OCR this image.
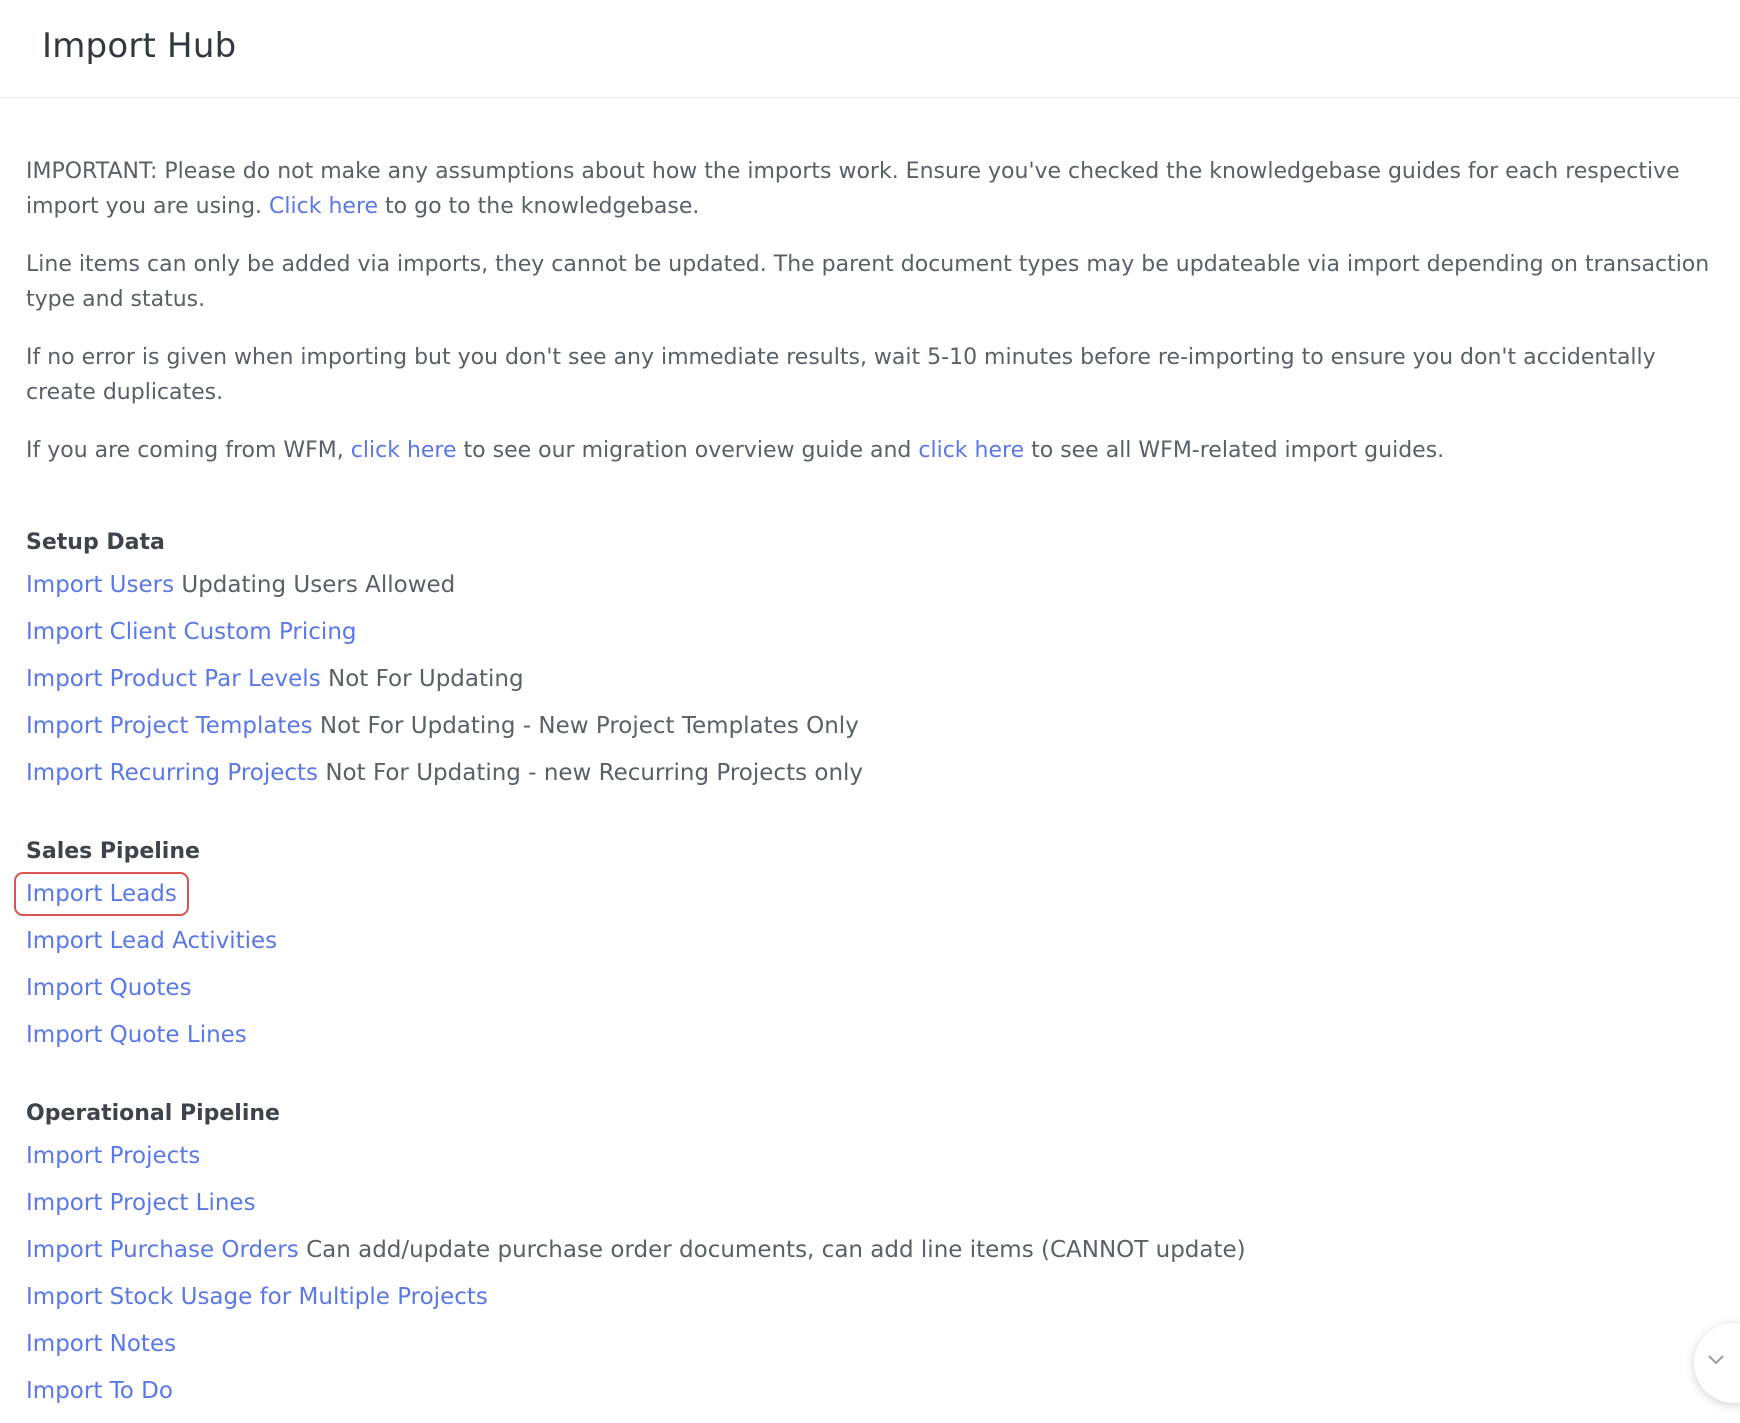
Import Hub

IMPORTANT: Please do not make any assumptions about how the imports work. Ensure you've checked the knowledgebase guides for each respective import you are using. Click here to go to the knowledgebase.

Line items can only be added via imports, they cannot be updated. The parent document types may be updateable via import depending on transaction type and status.

If no error is given when importing but you don't see any immediate results, wait 5-10 minutes before re-importing to ensure you don't accidentally create duplicates.

If you are coming from WFM, click here to see our migration overview guide and click here to see all WFM-related import guides.

Setup Data
Import Users Updating Users Allowed
Import Client Custom Pricing
Import Product Par Levels Not For Updating
Import Project Templates Not For Updating - New Project Templates Only
Import Recurring Projects Not For Updating - new Recurring Projects only
Sales Pipeline
Import Leads
Import Lead Activities
Import Quotes
Import Quote Lines
Operational Pipeline
Import Projects
Import Project Lines
Import Purchase Orders Can add/update purchase order documents, can add line items (CANNOT update)
Import Stock Usage for Multiple Projects
Import Notes
Import To Do
